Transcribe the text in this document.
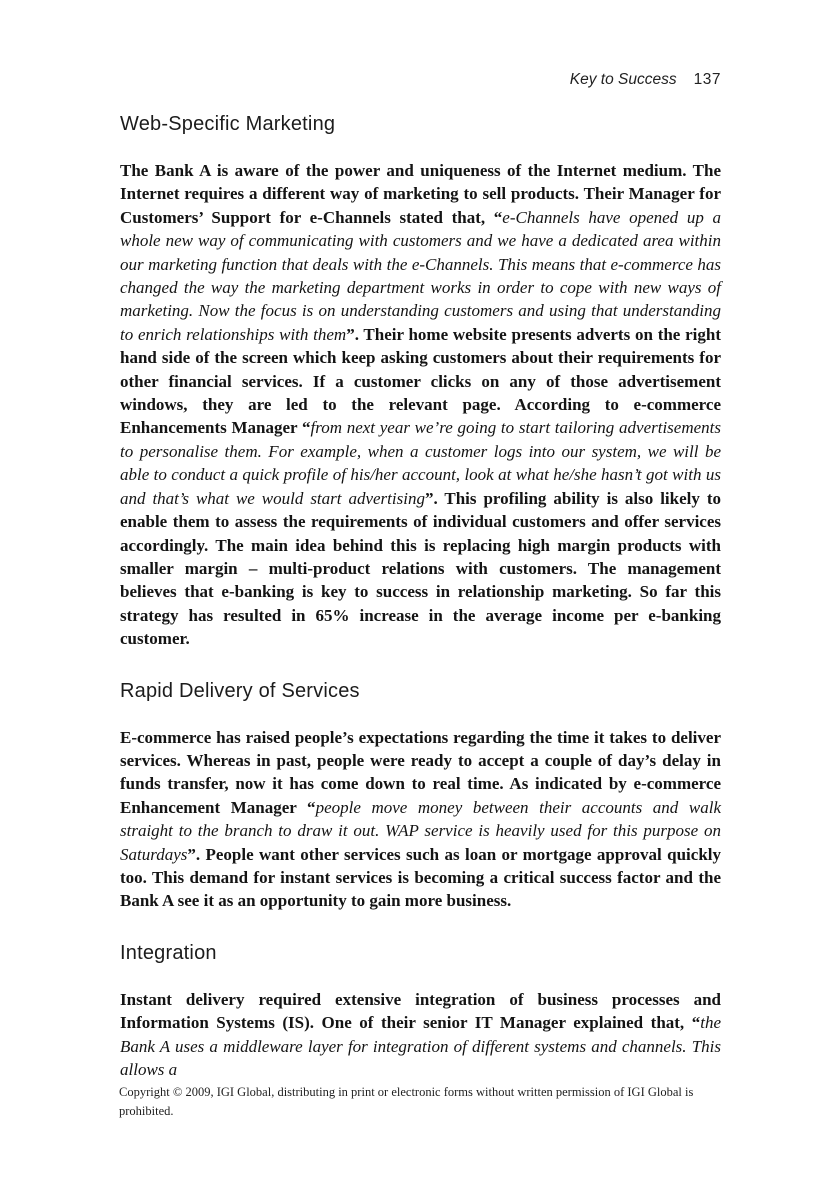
Key to Success 137
Web-Specific Marketing

The Bank A is aware of the power and uniqueness of the Internet medium. The Internet requires a different way of marketing to sell products. Their Manager for Customers’ Support for e-Channels stated that, “e-Channels have opened up a whole new way of communicating with customers and we have a dedicated area within our marketing function that deals with the e-Channels. This means that e-commerce has changed the way the marketing department works in order to cope with new ways of marketing. Now the focus is on understanding customers and using that understanding to enrich relationships with them”. Their home website presents adverts on the right hand side of the screen which keep asking customers about their requirements for other financial services. If a customer clicks on any of those advertisement windows, they are led to the relevant page. According to e-commerce Enhancements Manager “from next year we’re going to start tailoring advertisements to personalise them. For example, when a customer logs into our system, we will be able to conduct a quick profile of his/her account, look at what he/she hasn’t got with us and that’s what we would start advertising”. This profiling ability is also likely to enable them to assess the requirements of individual customers and offer services accordingly. The main idea behind this is replacing high margin products with smaller margin – multi-product relations with customers. The management believes that e-banking is key to success in relationship marketing. So far this strategy has resulted in 65% increase in the average income per e-banking customer.

Rapid Delivery of Services

E-commerce has raised people’s expectations regarding the time it takes to deliver services. Whereas in past, people were ready to accept a couple of day’s delay in funds transfer, now it has come down to real time. As indicated by e-commerce Enhancement Manager “people move money between their accounts and walk straight to the branch to draw it out. WAP service is heavily used for this purpose on Saturdays”. People want other services such as loan or mortgage approval quickly too. This demand for instant services is becoming a critical success factor and the Bank A see it as an opportunity to gain more business.

Integration

Instant delivery required extensive integration of business processes and Information Systems (IS). One of their senior IT Manager explained that, “the Bank A uses a middleware layer for integration of different systems and channels. This allows a

Copyright © 2009, IGI Global, distributing in print or electronic forms without written permission of IGI Global is prohibited.
